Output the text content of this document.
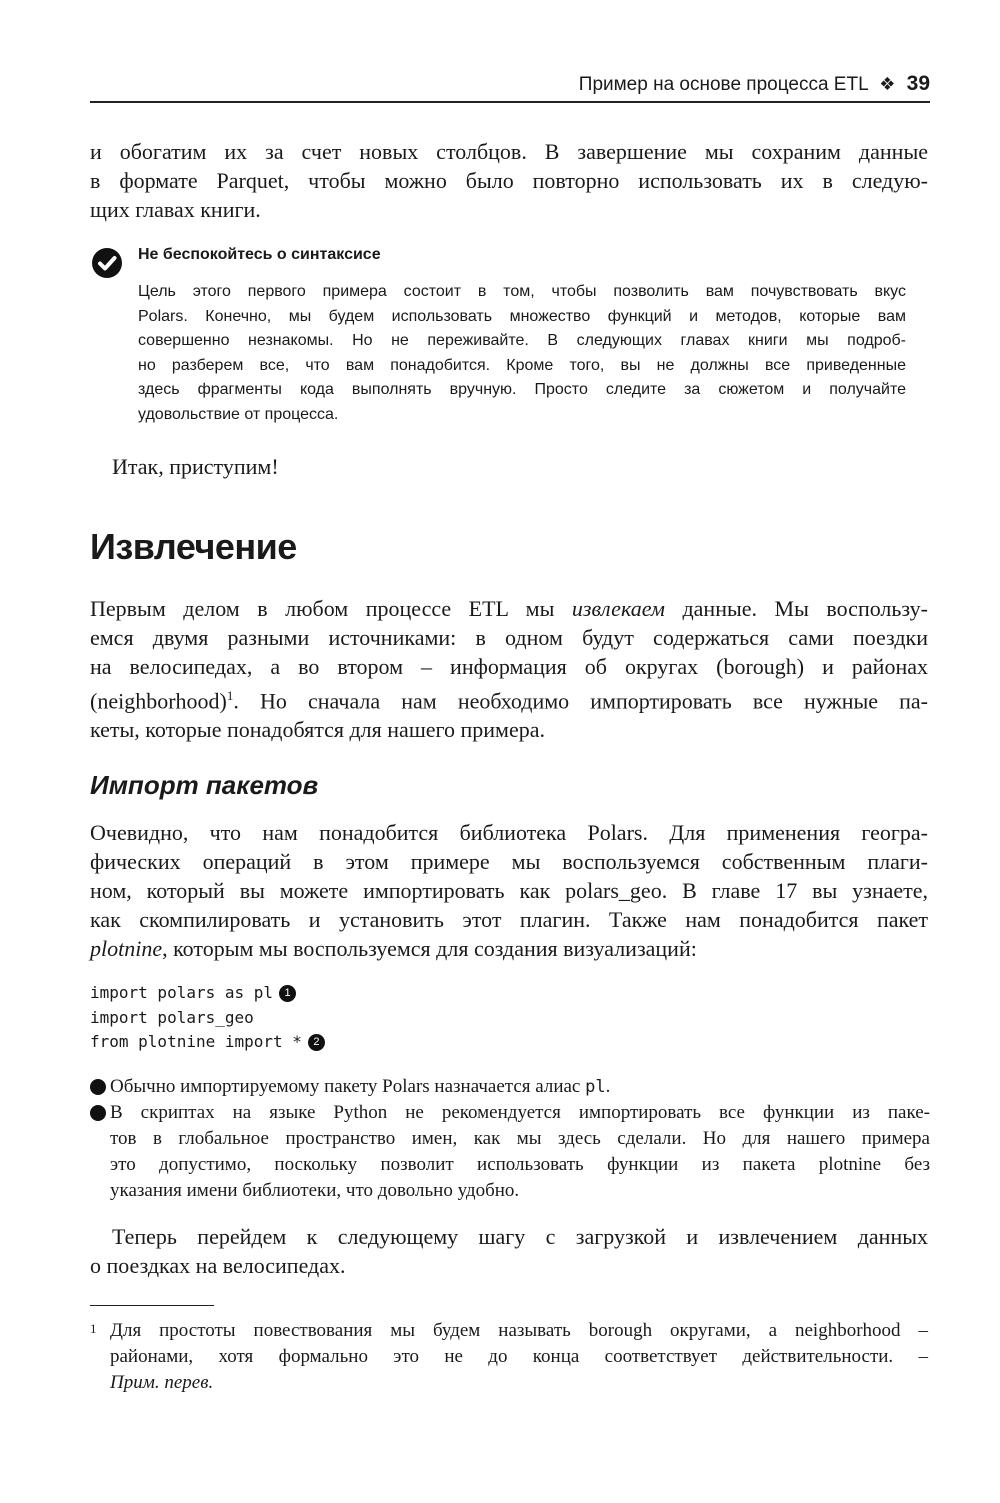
Пример на основе процесса ETL ❖ 39
и обогатим их за счет новых столбцов. В завершение мы сохраним данные
в формате Parquet, чтобы можно было повторно использовать их в следую-
щих главах книги.
Не беспокойтесь о синтаксисе
Цель этого первого примера состоит в том, чтобы позволить вам почувствовать вкус
Polars. Конечно, мы будем использовать множество функций и методов, которые вам
совершенно незнакомы. Но не переживайте. В следующих главах книги мы подроб-
но разберем все, что вам понадобится. Кроме того, вы не должны все приведенные
здесь фрагменты кода выполнять вручную. Просто следите за сюжетом и получайте
удовольствие от процесса.
Итак, приступим!
Извлечение
Первым делом в любом процессе ETL мы извлекаем данные. Мы воспользу-
емся двумя разными источниками: в одном будут содержаться сами поездки
на велосипедах, а во втором – информация об округах (borough) и районах
(neighborhood)$^1$. Но сначала нам необходимо импортировать все нужные па-
кеты, которые понадобятся для нашего примера.
Импорт пакетов
Очевидно, что нам понадобится библиотека Polars. Для применения геогра-
фических операций в этом примере мы воспользуемся собственным плаги-
ном, который вы можете импортировать как polars_geo. В главе 17 вы узнаете,
как скомпилировать и установить этот плагин. Также нам понадобится пакет
plotnine, которым мы воспользуемся для создания визуализаций:
import polars as pl 1
import polars_geo
from plotnine import * 2
Обычно импортируемому пакету Polars назначается алиас pl.
В скриптах на языке Python не рекомендуется импортировать все функции из паке-
тов в глобальное пространство имен, как мы здесь сделали. Но для нашего примера
это допустимо, поскольку позволит использовать функции из пакета plotnine без
указания имени библиотеки, что довольно удобно.
Теперь перейдем к следующему шагу с загрузкой и извлечением данных
о поездках на велосипедах.
1 Для простоты повествования мы будем называть borough округами, a neighborhood –
районами, хотя формально это не до конца соответствует действительности. –
Прим. перев.
